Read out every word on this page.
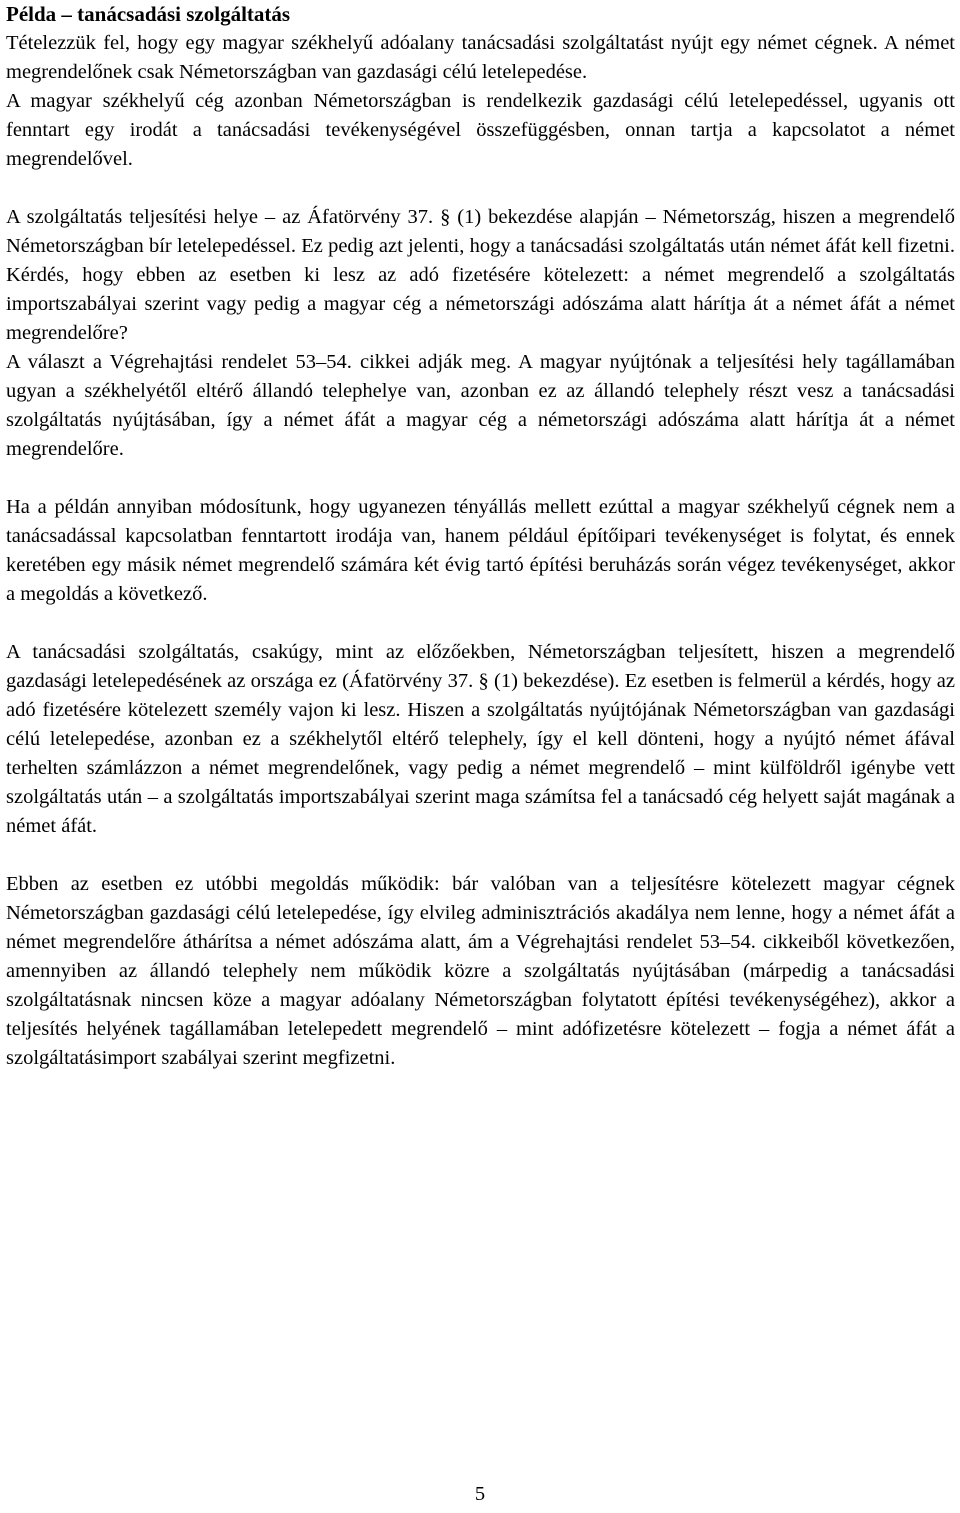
Példa – tanácsadási szolgáltatás

Tételezzük fel, hogy egy magyar székhelyű adóalany tanácsadási szolgáltatást nyújt egy német cégnek. A német megrendelőnek csak Németországban van gazdasági célú letelepedése.

A magyar székhelyű cég azonban Németországban is rendelkezik gazdasági célú letelepedéssel, ugyanis ott fenntart egy irodát a tanácsadási tevékenységével összefüggésben, onnan tartja a kapcsolatot a német megrendelővel.

A szolgáltatás teljesítési helye – az Áfatörvény 37. § (1) bekezdése alapján – Németország, hiszen a megrendelő Németországban bír letelepedéssel. Ez pedig azt jelenti, hogy a tanácsadási szolgáltatás után német áfát kell fizetni. Kérdés, hogy ebben az esetben ki lesz az adó fizetésére kötelezett: a német megrendelő a szolgáltatás importszabályai szerint vagy pedig a magyar cég a németországi adószáma alatt hárítja át a német áfát a német megrendelőre?

A választ a Végrehajtási rendelet 53–54. cikkei adják meg. A magyar nyújtónak a teljesítési hely tagállamában ugyan a székhelyétől eltérő állandó telephelye van, azonban ez az állandó telephely részt vesz a tanácsadási szolgáltatás nyújtásában, így a német áfát a magyar cég a németországi adószáma alatt hárítja át a német megrendelőre.

Ha a példán annyiban módosítunk, hogy ugyanezen tényállás mellett ezúttal a magyar székhelyű cégnek nem a tanácsadással kapcsolatban fenntartott irodája van, hanem például építőipari tevékenységet is folytat, és ennek keretében egy másik német megrendelő számára két évig tartó építési beruházás során végez tevékenységet, akkor a megoldás a következő.

A tanácsadási szolgáltatás, csakúgy, mint az előzőekben, Németországban teljesített, hiszen a megrendelő gazdasági letelepedésének az országa ez (Áfatörvény 37. § (1) bekezdése). Ez esetben is felmerül a kérdés, hogy az adó fizetésére kötelezett személy vajon ki lesz. Hiszen a szolgáltatás nyújtójának Németországban van gazdasági célú letelepedése, azonban ez a székhelytől eltérő telephely, így el kell dönteni, hogy a nyújtó német áfával terhelten számlázzon a német megrendelőnek, vagy pedig a német megrendelő – mint külföldről igénybe vett szolgáltatás után – a szolgáltatás importszabályai szerint maga számítsa fel a tanácsadó cég helyett saját magának a német áfát.

Ebben az esetben ez utóbbi megoldás működik: bár valóban van a teljesítésre kötelezett magyar cégnek Németországban gazdasági célú letelepedése, így elvileg adminisztrációs akadálya nem lenne, hogy a német áfát a német megrendelőre áthárítsa a német adószáma alatt, ám a Végrehajtási rendelet 53–54. cikkeiből következően, amennyiben az állandó telephely nem működik közre a szolgáltatás nyújtásában (márpedig a tanácsadási szolgáltatásnak nincsen köze a magyar adóalany Németországban folytatott építési tevékenységéhez), akkor a teljesítés helyének tagállamában letelepedett megrendelő – mint adófizetésre kötelezett – fogja a német áfát a szolgáltatásimport szabályai szerint megfizetni.

5
